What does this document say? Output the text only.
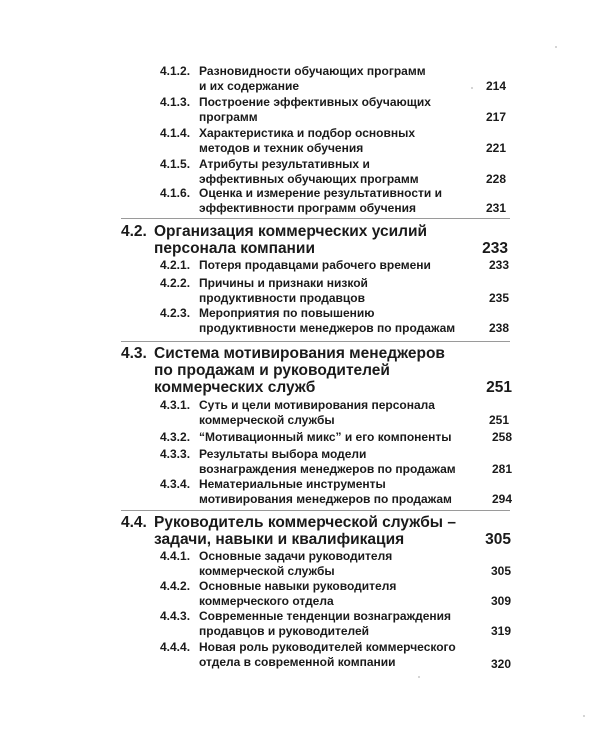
4.1.2. Разновидности обучающих программ
и их содержание	214
4.1.3. Построение эффективных обучающих
программ	217
4.1.4. Характеристика и подбор основных
методов и техник обучения	221
4.1.5. Атрибуты результативных и
эффективных обучающих программ	228
4.1.6. Оценка и измерение результативности и
эффективности программ обучения	231
4.2. Организация коммерческих усилий
персонала компании	233
4.2.1. Потеря продавцами рабочего времени	233
4.2.2. Причины и признаки низкой
продуктивности продавцов	235
4.2.3. Мероприятия по повышению
продуктивности менеджеров по продажам	238
4.3. Система мотивирования менеджеров
по продажам и руководителей
коммерческих служб	251
4.3.1. Суть и цели мотивирования персонала
коммерческой службы	251
4.3.2. “Мотивационный микс” и его компоненты	258
4.3.3. Результаты выбора модели
вознаграждения менеджеров по продажам	281
4.3.4. Нематериальные инструменты
мотивирования менеджеров по продажам	294
4.4. Руководитель коммерческой службы –
задачи, навыки и квалификация	305
4.4.1. Основные задачи руководителя
коммерческой службы	305
4.4.2. Основные навыки руководителя
коммерческого отдела	309
4.4.3. Современные тенденции вознаграждения
продавцов и руководителей	319
4.4.4. Новая роль руководителей коммерческого
отдела в современной компании	320
